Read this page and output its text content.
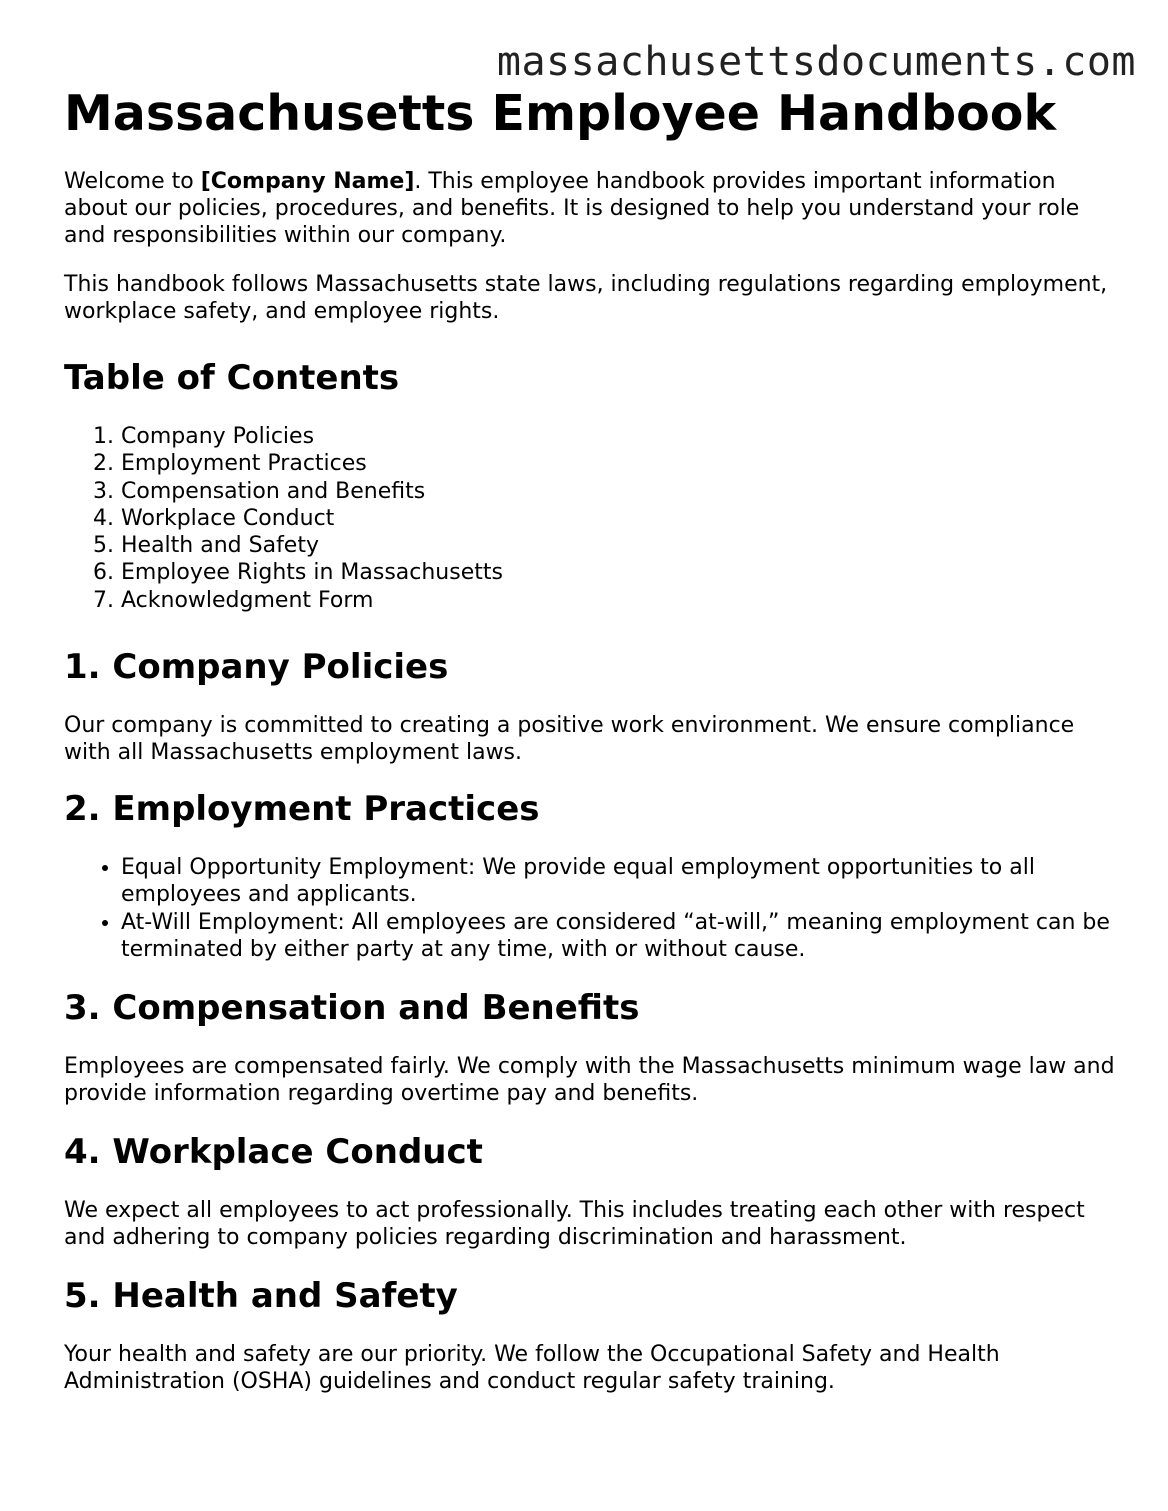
massachusettsdocuments.com
Massachusetts Employee Handbook

Welcome to [Company Name]. This employee handbook provides important information about our policies, procedures, and benefits. It is designed to help you understand your role and responsibilities within our company.

This handbook follows Massachusetts state laws, including regulations regarding employment, workplace safety, and employee rights.

Table of Contents
1. Company Policies
2. Employment Practices
3. Compensation and Benefits
4. Workplace Conduct
5. Health and Safety
6. Employee Rights in Massachusetts
7. Acknowledgment Form
1. Company Policies

Our company is committed to creating a positive work environment. We ensure compliance with all Massachusetts employment laws.

2. Employment Practices
• Equal Opportunity Employment: We provide equal employment opportunities to all employees and applicants.
• At-Will Employment: All employees are considered “at-will,” meaning employment can be terminated by either party at any time, with or without cause.
3. Compensation and Benefits

Employees are compensated fairly. We comply with the Massachusetts minimum wage law and provide information regarding overtime pay and benefits.

4. Workplace Conduct

We expect all employees to act professionally. This includes treating each other with respect and adhering to company policies regarding discrimination and harassment.

5. Health and Safety

Your health and safety are our priority. We follow the Occupational Safety and Health Administration (OSHA) guidelines and conduct regular safety training.
